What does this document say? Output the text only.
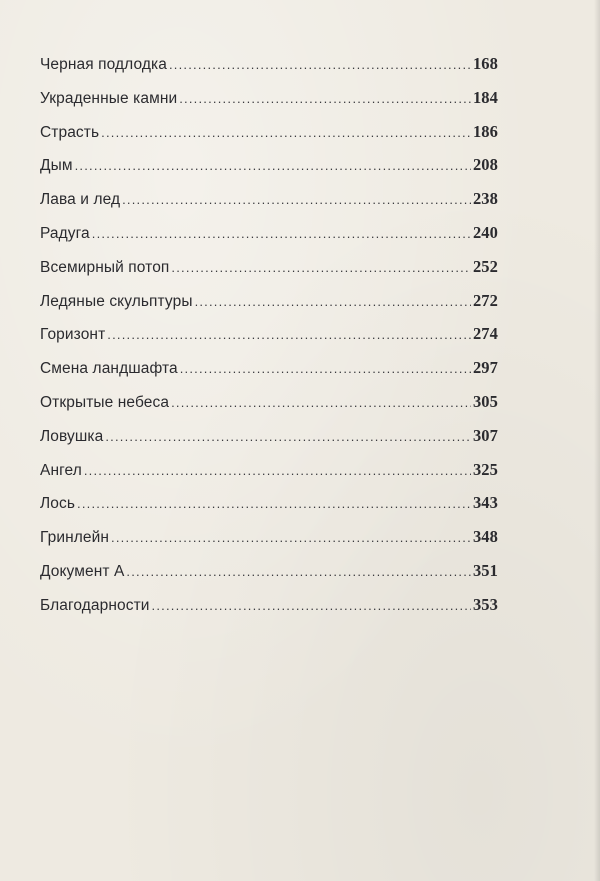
Черная подлодка .....	168
Украденные камни .....	184
Страсть .....	186
Дым .....	208
Лава и лед .....	238
Радуга .....	240
Всемирный потоп .....	252
Ледяные скульптуры .....	272
Горизонт .....	274
Смена ландшафта .....	297
Открытые небеса .....	305
Ловушка .....	307
Ангел .....	325
Лось .....	343
Гринлейн .....	348
Документ А .....	351
Благодарности .....	353
